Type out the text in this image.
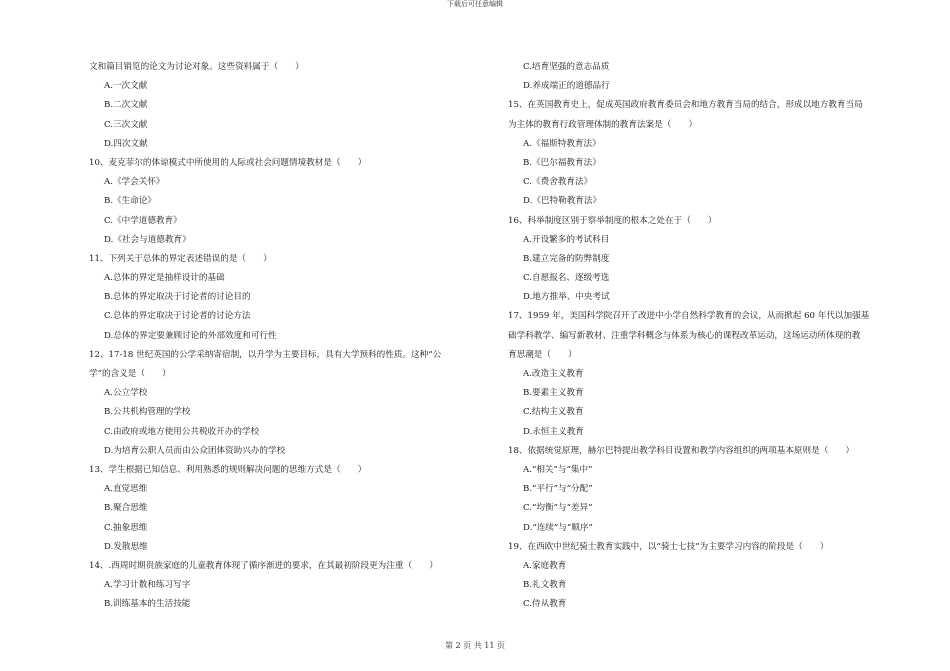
下载后可任意编辑
文和篇目销览的论文为讨论对象。这些资料属于（　　）
A.一次文献
B.二次文献
C.三次文献
D.四次文献
10、麦克菲尔的体谅模式中所使用的人际或社会问题情境教材是（　　）
A.《学会关怀》
B.《生命论》
C.《中学道德教育》
D.《社会与道德教育》
11、下列关于总体的界定表述错误的是（　　）
A.总体的界定是抽样设计的基础
B.总体的界定取决于讨论者的讨论目的
C.总体的界定取决于讨论者的讨论方法
D.总体的界定要兼顾讨论的外部效度和可行性
12、17-18 世纪英国的公学采纳寄宿制，以升学为主要目标，具有大学预科的性质。这种“公
学”的含义是（　　）
A.公立学校
B.公共机构管理的学校
C.由政府或地方使用公共税收开办的学校
D.为培育公职人员而由公众团体资助兴办的学校
13、学生根据已知信息、利用熟悉的规则解决问题的思维方式是（　　）
A.直觉思维
B.聚合思维
C.抽象思维
D.发散思维
14、.西周时期贵族家庭的儿童教育体现了循序渐进的要求，在其最初阶段更为注重（　　）
A.学习计数和练习写字
B.训练基本的生活技能
C.培育坚强的意志品质
D.养成端正的道德品行
15、在英国教育史上，促成英国政府教育委员会和地方教育当局的结合，形成以地方教育当局
为主体的教育行政管理体制的教育法案是（　　）
A.《福斯特教育法》
B.《巴尔福教育法》
C.《费舍教育法》
D.《巴特勒教育法》
16、科举制度区别于察举制度的根本之处在于（　　）
A.开设繁多的考试科目
B.建立完备的防弊制度
C.自愿报名、逐级考选
D.地方推举、中央考试
17、1959 年，美国科学院召开了改进中小学自然科学教育的会议，从而掀起 60 年代以加强基
础学科教学、编写新教材、注重学科概念与体系为核心的课程改革运动，这场运动所体现的教
育思潮是（　　）
A.改造主义教育
B.要素主义教育
C.结构主义教育
D.永恒主义教育
18、依据统觉原理，赫尔巴特提出教学科目设置和教学内容组织的两项基本原则是（　　）
A.“相关”与“集中”
B.“平行”与“分配”
C.“均衡”与“差异”
D.“连续”与“顺序”
19、在西欧中世纪骑士教育实践中，以“骑士七技”为主要学习内容的阶段是（　　）
A.家庭教育
B.礼文教育
C.侍从教育
第 2 页 共 11 页
